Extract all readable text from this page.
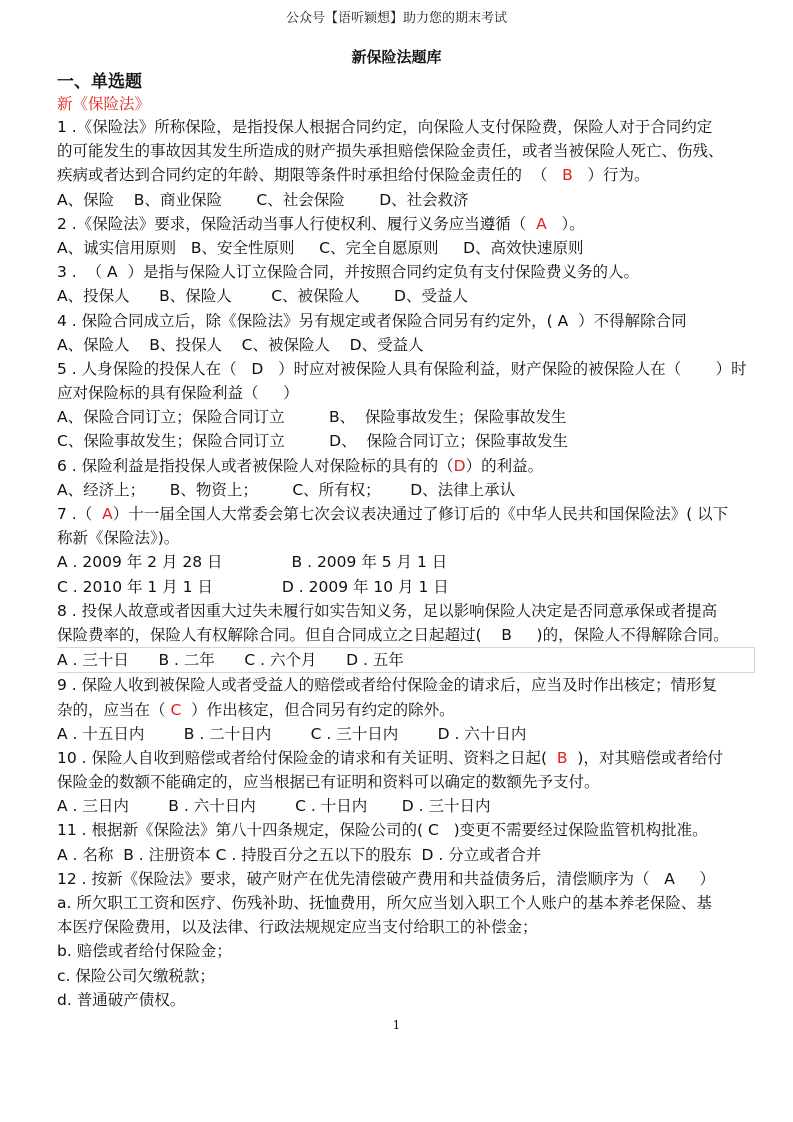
公众号【语听颖想】助力您的期末考试
新保险法题库
一、单选题
新《保险法》
1 .《保险法》所称保险，是指投保人根据合同约定，向保险人支付保险费，保险人对于合同约定
的可能发生的事故因其发生所造成的财产损失承担赔偿保险金责任，或者当被保险人死亡、伤残、
疾病或者达到合同约定的年龄、期限等条件时承担给付保险金责任的  （   B   ）行为。
A、保险    B、商业保险       C、社会保险       D、社会救济
2 .《保险法》要求，保险活动当事人行使权利、履行义务应当遵循（  A   ）。
A、诚实信用原则   B、安全性原则     C、完全自愿原则     D、高效快速原则
3 .  （ A  ）是指与保险人订立保险合同，并按照合同约定负有支付保险费义务的人。
A、投保人      B、保险人        C、被保险人       D、受益人
4 . 保险合同成立后，除《保险法》另有规定或者保险合同另有约定外，( A  ）不得解除合同
A、保险人    B、投保人    C、被保险人    D、受益人
5 . 人身保险的投保人在（   D   ）时应对被保险人具有保险利益，财产保险的被保险人在（       ）时
应对保险标的具有保险利益（     ）
A、保险合同订立；保险合同订立         B、  保险事故发生；保险事故发生
C、保险事故发生；保险合同订立         D、  保险合同订立；保险事故发生
6 . 保险利益是指投保人或者被保险人对保险标的具有的（D）的利益。
A、经济上；     B、物资上；       C、所有权；      D、法律上承认
7 .（  A）十一届全国人大常委会第七次会议表决通过了修订后的《中华人民共和国保险法》( 以下
称新《保险法》)。
A . 2009 年 2 月 28 日              B . 2009 年 5 月 1 日
C . 2010 年 1 月 1 日              D . 2009 年 10 月 1 日
8 . 投保人故意或者因重大过失未履行如实告知义务，足以影响保险人决定是否同意承保或者提高
保险费率的，保险人有权解除合同。但自合同成立之日起超过(    B     )的，保险人不得解除合同。
A . 三十日      B . 二年      C . 六个月      D . 五年
9 . 保险人收到被保险人或者受益人的赔偿或者给付保险金的请求后，应当及时作出核定；情形复
杂的，应当在（ C  ）作出核定，但合同另有约定的除外。
A . 十五日内        B . 二十日内        C . 三十日内        D . 六十日内
10 . 保险人自收到赔偿或者给付保险金的请求和有关证明、资料之日起(  B  )，对其赔偿或者给付
保险金的数额不能确定的，应当根据已有证明和资料可以确定的数额先予支付。
A . 三日内        B . 六十日内        C . 十日内       D . 三十日内
11 . 根据新《保险法》第八十四条规定，保险公司的( C   )变更不需要经过保险监管机构批准。
A . 名称  B . 注册资本 C . 持股百分之五以下的股东  D . 分立或者合并
12 . 按新《保险法》要求，破产财产在优先清偿破产费用和共益债务后，清偿顺序为（   A     ）
a. 所欠职工工资和医疗、伤残补助、抚恤费用，所欠应当划入职工个人账户的基本养老保险、基
本医疗保险费用，以及法律、行政法规规定应当支付给职工的补偿金；
b. 赔偿或者给付保险金；
c. 保险公司欠缴税款；
d. 普通破产债权。
1
